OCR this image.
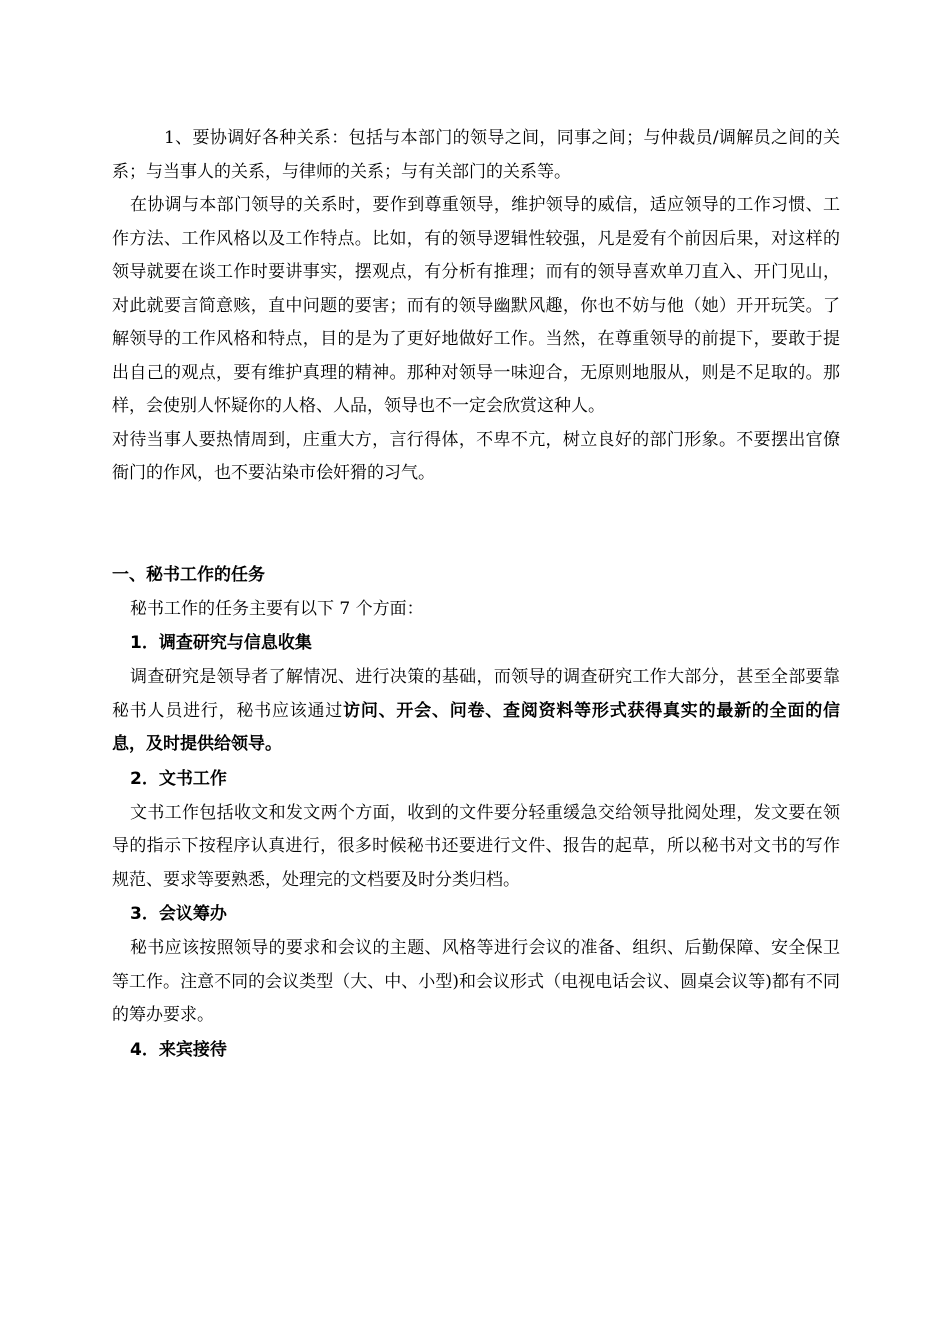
1、要协调好各种关系：包括与本部门的领导之间，同事之间；与仲裁员/调解员之间的关系；与当事人的关系，与律师的关系；与有关部门的关系等。

在协调与本部门领导的关系时，要作到尊重领导，维护领导的威信，适应领导的工作习惯、工作方法、工作风格以及工作特点。比如，有的领导逻辑性较强，凡是爱有个前因后果，对这样的领导就要在谈工作时要讲事实，摆观点，有分析有推理；而有的领导喜欢单刀直入、开门见山，对此就要言简意赅，直中问题的要害；而有的领导幽默风趣，你也不妨与他（她）开开玩笑。了解领导的工作风格和特点，目的是为了更好地做好工作。当然，在尊重领导的前提下，要敢于提出自己的观点，要有维护真理的精神。那种对领导一味迎合，无原则地服从，则是不足取的。那样，会使别人怀疑你的人格、人品，领导也不一定会欣赏这种人。

对待当事人要热情周到，庄重大方，言行得体，不卑不亢，树立良好的部门形象。不要摆出官僚衙门的作风，也不要沾染市侩奸猾的习气。

一、秘书工作的任务

秘书工作的任务主要有以下 7 个方面：

1．调查研究与信息收集

调查研究是领导者了解情况、进行决策的基础，而领导的调查研究工作大部分，甚至全部要靠秘书人员进行，秘书应该通过访问、开会、问卷、查阅资料等形式获得真实的最新的全面的信息，及时提供给领导。

2．文书工作

文书工作包括收文和发文两个方面，收到的文件要分轻重缓急交给领导批阅处理，发文要在领导的指示下按程序认真进行，很多时候秘书还要进行文件、报告的起草，所以秘书对文书的写作规范、要求等要熟悉，处理完的文档要及时分类归档。

3．会议筹办

秘书应该按照领导的要求和会议的主题、风格等进行会议的准备、组织、后勤保障、安全保卫等工作。注意不同的会议类型（大、中、小型)和会议形式（电视电话会议、圆桌会议等)都有不同的筹办要求。

4．来宾接待
